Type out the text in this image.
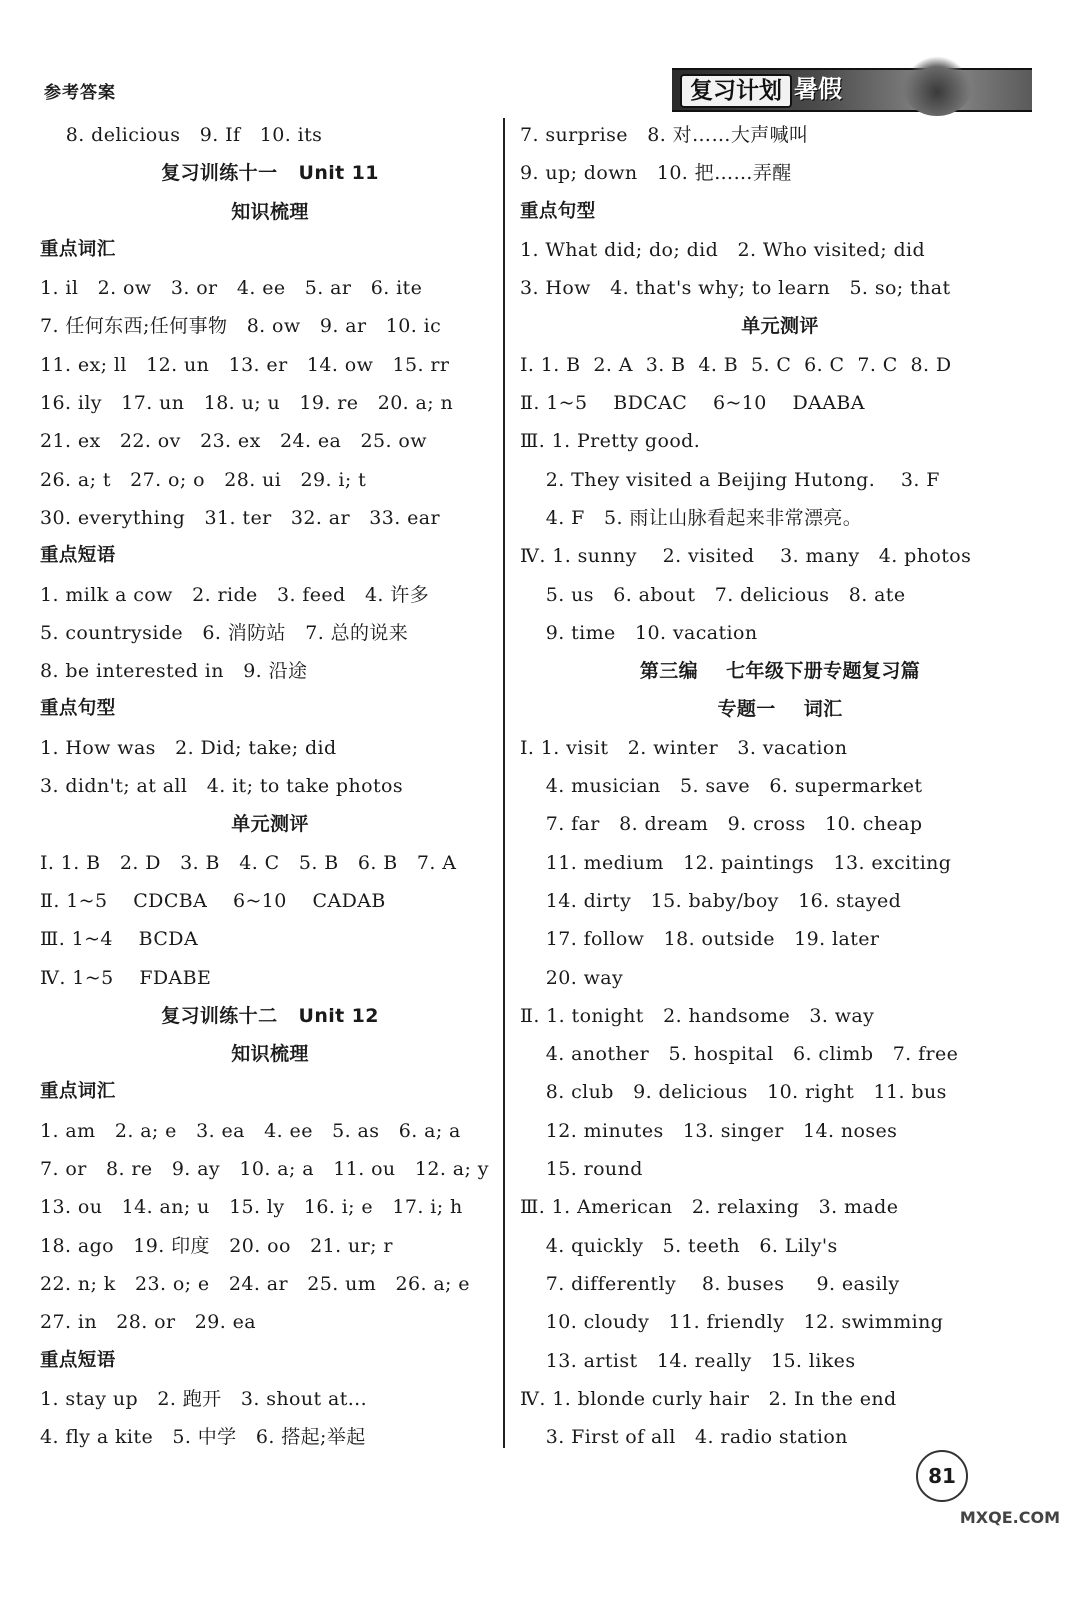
参考答案	复习计划 暑假
8. delicious   9. If   10. its
复习训练十一   Unit 11
知识梳理
重点词汇
1. il   2. ow   3. or   4. ee   5. ar   6. ite
7. 任何东西;任何事物   8. ow   9. ar   10. ic
11. ex; ll   12. un   13. er   14. ow   15. rr
16. ily   17. un   18. u; u   19. re   20. a; n
21. ex   22. ov   23. ex   24. ea   25. ow
26. a; t   27. o; o   28. ui   29. i; t
30. everything   31. ter   32. ar   33. ear
重点短语
1. milk a cow   2. ride   3. feed   4. 许多
5. countryside   6. 消防站   7. 总的说来
8. be interested in   9. 沿途
重点句型
1. How was   2. Did; take; did
3. didn't; at all   4. it; to take photos
单元测评
Ⅰ. 1. B   2. D   3. B   4. C   5. B   6. B   7. A
Ⅱ. 1~5    CDCBA    6~10    CADAB
Ⅲ. 1~4    BCDA
Ⅳ. 1~5    FDABE
复习训练十二   Unit 12
知识梳理
重点词汇
1. am   2. a; e   3. ea   4. ee   5. as   6. a; a
7. or   8. re   9. ay   10. a; a   11. ou   12. a; y
13. ou   14. an; u   15. ly   16. i; e   17. i; h
18. ago   19. 印度   20. oo   21. ur; r
22. n; k   23. o; e   24. ar   25. um   26. a; e
27. in   28. or   29. ea
重点短语
1. stay up   2. 跑开   3. shout at...
4. fly a kite   5. 中学   6. 搭起;举起
7. surprise   8. 对……大声喊叫
9. up; down   10. 把……弄醒
重点句型
1. What did; do; did   2. Who visited; did
3. How   4. that's why; to learn   5. so; that
单元测评
Ⅰ. 1. B  2. A  3. B  4. B  5. C  6. C  7. C  8. D
Ⅱ. 1~5    BDCAC    6~10    DAABA
Ⅲ. 1. Pretty good.
2. They visited a Beijing Hutong.    3. F
4. F   5. 雨让山脉看起来非常漂亮。
Ⅳ. 1. sunny    2. visited    3. many   4. photos
5. us   6. about   7. delicious   8. ate
9. time   10. vacation
第三编    七年级下册专题复习篇
专题一    词汇
Ⅰ. 1. visit   2. winter   3. vacation
4. musician   5. save   6. supermarket
7. far   8. dream   9. cross   10. cheap
11. medium   12. paintings   13. exciting
14. dirty   15. baby/boy   16. stayed
17. follow   18. outside   19. later
20. way
Ⅱ. 1. tonight   2. handsome   3. way
4. another   5. hospital   6. climb   7. free
8. club   9. delicious   10. right   11. bus
12. minutes   13. singer   14. noses
15. round
Ⅲ. 1. American   2. relaxing   3. made
4. quickly   5. teeth   6. Lily's
7. differently    8. buses     9. easily
10. cloudy   11. friendly   12. swimming
13. artist   14. really   15. likes
Ⅳ. 1. blonde curly hair   2. In the end
3. First of all   4. radio station
81
MXQE.COM
